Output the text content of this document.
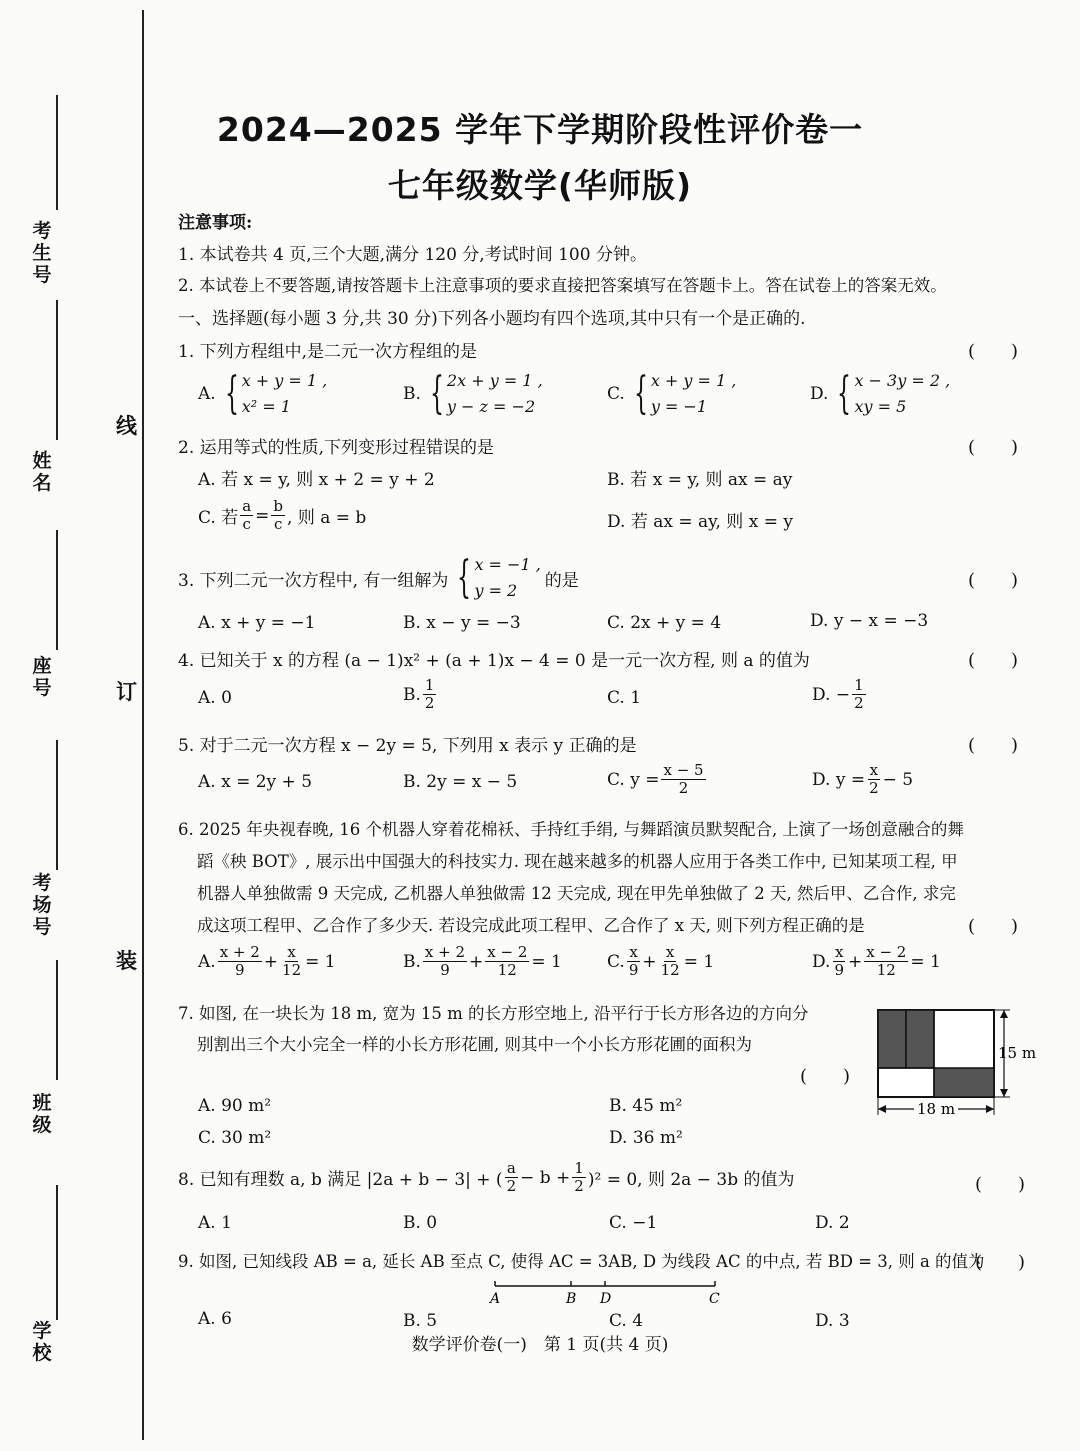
考
生
号
姓
名
座
号
考
场
号
班
级
学
校
线
订
装
2024—2025 学年下学期阶段性评价卷一
七年级数学(华师版)
注意事项:
1. 本试卷共 4 页,三个大题,满分 120 分,考试时间 100 分钟。
2. 本试卷上不要答题,请按答题卡上注意事项的要求直接把答案填写在答题卡上。答在试卷上的答案无效。
一、选择题(每小题 3 分,共 30 分)下列各小题均有四个选项,其中只有一个是正确的.
1. 下列方程组中,是二元一次方程组的是	(　　)
A. { x + y = 1 ,
x² = 1
B. { 2x + y = 1 ,
y − z = −2
C. { x + y = 1 ,
y = −1
D. { x − 3y = 2 ,
xy = 5
2. 运用等式的性质,下列变形过程错误的是	(　　)
A. 若 x = y, 则 x + 2 = y + 2	B. 若 x = y, 则 ax = ay
C. 若 $\frac{a}{c} = \frac{b}{c}$ , 则 a = b	D. 若 ax = ay, 则 x = y
3. 下列二元一次方程中, 有一组解为 { x = −1 ,
y = 2	的是	(　　)
A. x + y = −1	B. x − y = −3	C. 2x + y = 4	D. y − x = −3
4. 已知关于 x 的方程 (a − 1)x² + (a + 1)x − 4 = 0 是一元一次方程, 则 a 的值为	(　　)
A. 0	B. $\frac{1}{2}$	C. 1	D. − $\frac{1}{2}$
5. 对于二元一次方程 x − 2y = 5, 下列用 x 表示 y 正确的是	(　　)
A. x = 2y + 5	B. 2y = x − 5	C. $y = \frac{x - 5}{2}$	D. $y = \frac{x}{2} - 5$
6. 2025 年央视春晚, 16 个机器人穿着花棉袄、手持红手绢, 与舞蹈演员默契配合, 上演了一场创意融合的舞
蹈《秧 BOT》, 展示出中国强大的科技实力. 现在越来越多的机器人应用于各类工作中, 已知某项工程, 甲
机器人单独做需 9 天完成, 乙机器人单独做需 12 天完成, 现在甲先单独做了 2 天, 然后甲、乙合作, 求完
成这项工程甲、乙合作了多少天. 若设完成此项工程甲、乙合作了 x 天, 则下列方程正确的是	(　　)
A. $\frac{x + 2}{9} + \frac{x}{12} = 1$	B. $\frac{x + 2}{9} + \frac{x - 2}{12} = 1$	C. $\frac{x}{9} + \frac{x}{12} = 1$	D. $\frac{x}{9} + \frac{x - 2}{12} = 1$
7. 如图, 在一块长为 18 m, 宽为 15 m 的长方形空地上, 沿平行于长方形各边的方向分
别割出三个大小完全一样的小长方形花圃, 则其中一个小长方形花圃的面积为
(　　)
A. 90 m²	B. 45 m²
C. 30 m²	D. 36 m²
15 m
18 m
8. 已知有理数 a, b 满足 |2a + b − 3| + ( $\frac{a}{2} - b + \frac{1}{2} )^2 = 0$, 则 2a − 3b 的值为	(　　)
A. 1	B. 0	C. −1	D. 2
9. 如图, 已知线段 AB = a, 延长 AB 至点 C, 使得 AC = 3AB, D 为线段 AC 的中点, 若 BD = 3, 则 a 的值为
(　　)
A	B D	C
A. 6	B. 5	C. 4	D. 3
数学评价卷(一)　第 1 页(共 4 页)
